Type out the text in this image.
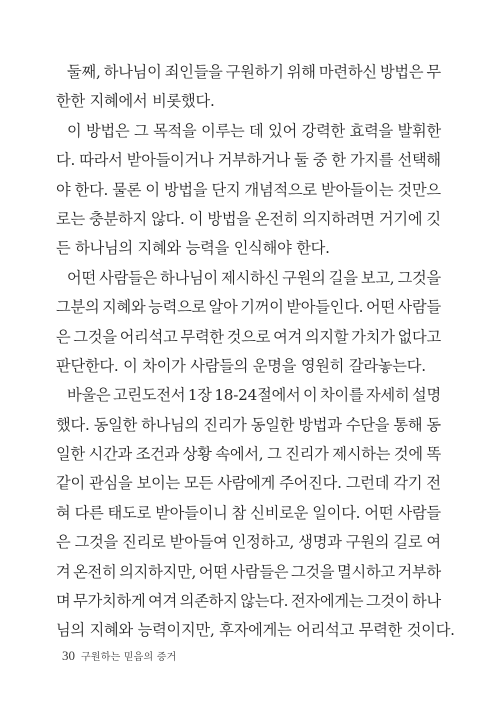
둘째, 하나님이 죄인들을 구원하기 위해 마련하신 방법은 무
한한 지혜에서 비롯했다.
이 방법은 그 목적을 이루는 데 있어 강력한 효력을 발휘한
다. 따라서 받아들이거나 거부하거나 둘 중 한 가지를 선택해
야 한다. 물론 이 방법을 단지 개념적으로 받아들이는 것만으
로는 충분하지 않다. 이 방법을 온전히 의지하려면 거기에 깃
든 하나님의 지혜와 능력을 인식해야 한다.
어떤 사람들은 하나님이 제시하신 구원의 길을 보고, 그것을
그분의 지혜와 능력으로 알아 기꺼이 받아들인다. 어떤 사람들
은 그것을 어리석고 무력한 것으로 여겨 의지할 가치가 없다고
판단한다. 이 차이가 사람들의 운명을 영원히 갈라놓는다.
바울은 고린도전서 1장 18-24절에서 이 차이를 자세히 설명
했다. 동일한 하나님의 진리가 동일한 방법과 수단을 통해 동
일한 시간과 조건과 상황 속에서, 그 진리가 제시하는 것에 똑
같이 관심을 보이는 모든 사람에게 주어진다. 그런데 각기 전
혀 다른 태도로 받아들이니 참 신비로운 일이다. 어떤 사람들
은 그것을 진리로 받아들여 인정하고, 생명과 구원의 길로 여
겨 온전히 의지하지만, 어떤 사람들은 그것을 멸시하고 거부하
며 무가치하게 여겨 의존하지 않는다. 전자에게는 그것이 하나
님의 지혜와 능력이지만, 후자에게는 어리석고 무력한 것이다.
30 구원하는 믿음의 증거
